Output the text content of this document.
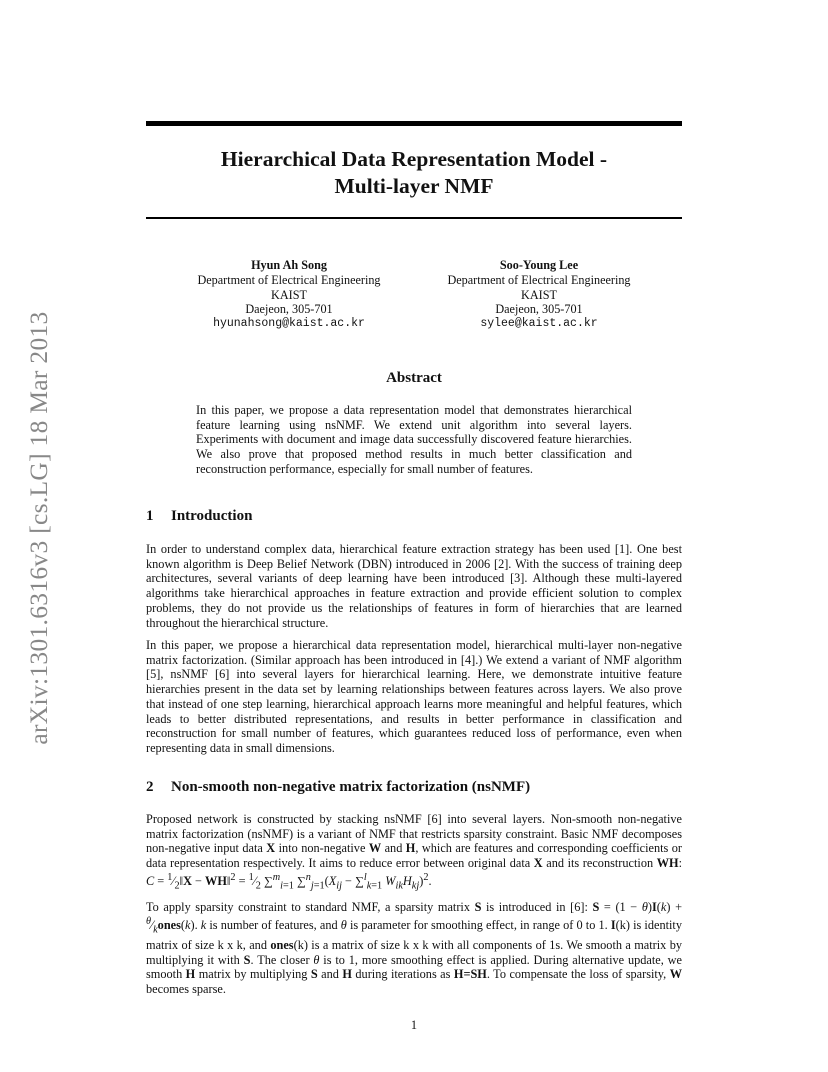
arXiv:1301.6316v3 [cs.LG] 18 Mar 2013
Hierarchical Data Representation Model -
Multi-layer NMF
Hyun Ah Song
Department of Electrical Engineering
KAIST
Daejeon, 305-701
hyunahsong@kaist.ac.kr
Soo-Young Lee
Department of Electrical Engineering
KAIST
Daejeon, 305-701
sylee@kaist.ac.kr
Abstract
In this paper, we propose a data representation model that demonstrates hierarchical feature learning using nsNMF. We extend unit algorithm into several layers. Experiments with document and image data successfully discovered feature hierarchies. We also prove that proposed method results in much better classification and reconstruction performance, especially for small number of features.
1 Introduction

In order to understand complex data, hierarchical feature extraction strategy has been used [1]. One best known algorithm is Deep Belief Network (DBN) introduced in 2006 [2]. With the success of training deep architectures, several variants of deep learning have been introduced [3]. Although these multi-layered algorithms take hierarchical approaches in feature extraction and provide efficient solution to complex problems, they do not provide us the relationships of features in form of hierarchies that are learned throughout the hierarchical structure.

In this paper, we propose a hierarchical data representation model, hierarchical multi-layer non-negative matrix factorization. (Similar approach has been introduced in [4].) We extend a variant of NMF algorithm [5], nsNMF [6] into several layers for hierarchical learning. Here, we demonstrate intuitive feature hierarchies present in the data set by learning relationships between features across layers. We also prove that instead of one step learning, hierarchical approach learns more meaningful and helpful features, which leads to better distributed representations, and results in better performance in classification and reconstruction for small number of features, which guarantees reduced loss of performance, even when representing data in small dimensions.

2 Non-smooth non-negative matrix factorization (nsNMF)

Proposed network is constructed by stacking nsNMF [6] into several layers. Non-smooth non-negative matrix factorization (nsNMF) is a variant of NMF that restricts sparsity constraint. Basic NMF decomposes non-negative input data X into non-negative W and H, which are features and corresponding coefficients or data representation respectively. It aims to reduce error between original data X and its reconstruction WH: $C = ^1⁄_2‖X$ − WH‖$^2$ = $^1⁄_2$ ∑$^m_{i=1}$ $\sum^n_{j=1}(X_{ij} - \sum^l_{k=1}$ $W_{ik}H_{kj})^2$.

To apply sparsity constraint to standard NMF, a sparsity matrix S is introduced in [6]: $S = (1 - \theta)I(k) + ^\theta⁄_kones(k)$. k is number of features, and θ is parameter for smoothing effect, in range of 0 to 1. I(k) is identity matrix of size k x k, and ones(k) is a matrix of size k x k with all components of 1s. We smooth a matrix by multiplying it with S. The closer θ is to 1, more smoothing effect is applied. During alternative update, we smooth H matrix by multiplying S and H during iterations as H=SH. To compensate the loss of sparsity, W becomes sparse.

1
